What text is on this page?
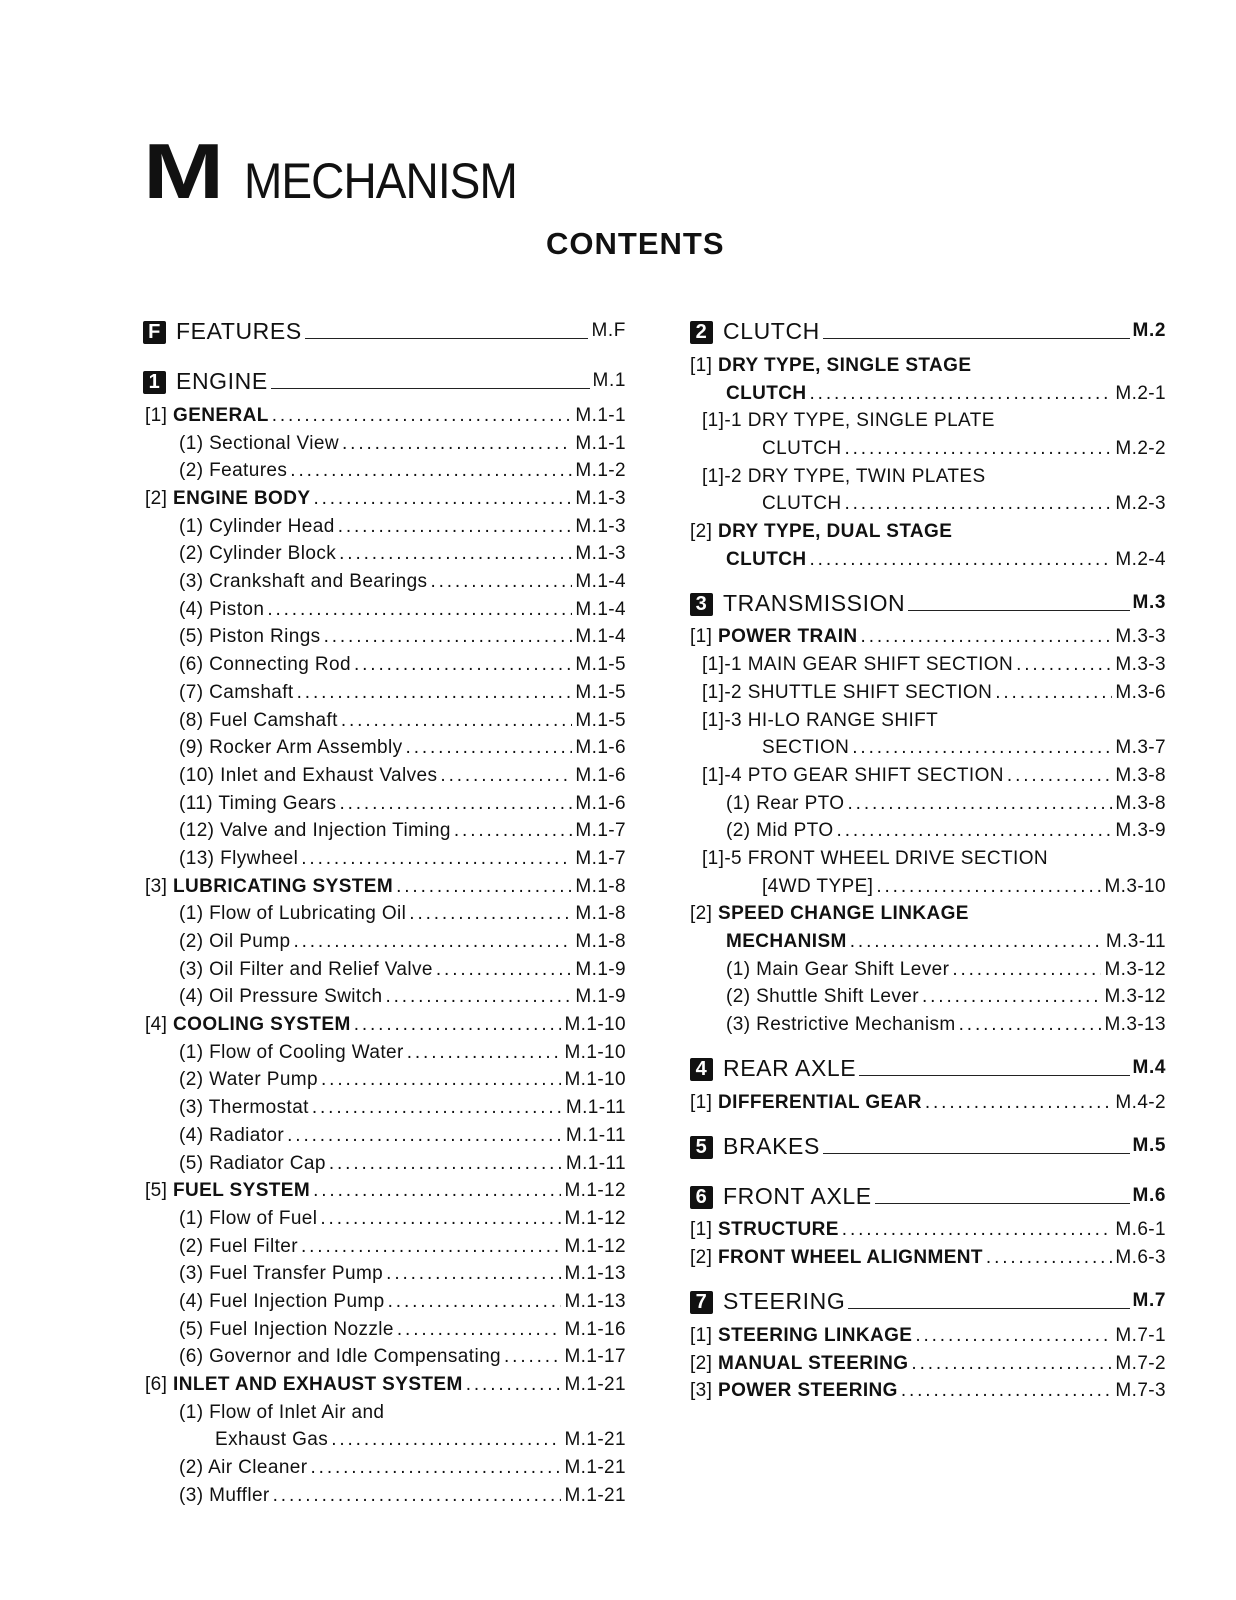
M MECHANISM
CONTENTS
F FEATURES	M.F
1 ENGINE	M.1
[1] GENERAL . . .	M.1-1
(1) Sectional View . . .	M.1-1
(2) Features . . .	M.1-2
[2] ENGINE BODY . . .	M.1-3
(1) Cylinder Head . . .	M.1-3
(2) Cylinder Block . . .	M.1-3
(3) Crankshaft and Bearings . . .	M.1-4
(4) Piston . . .	M.1-4
(5) Piston Rings . . .	M.1-4
(6) Connecting Rod . . .	M.1-5
(7) Camshaft . . .	M.1-5
(8) Fuel Camshaft . . .	M.1-5
(9) Rocker Arm Assembly . . .	M.1-6
(10) Inlet and Exhaust Valves . . .	M.1-6
(11) Timing Gears . . .	M.1-6
(12) Valve and Injection Timing . . .	M.1-7
(13) Flywheel . . .	M.1-7
[3] LUBRICATING SYSTEM . . .	M.1-8
(1) Flow of Lubricating Oil . . .	M.1-8
(2) Oil Pump . . .	M.1-8
(3) Oil Filter and Relief Valve . . .	M.1-9
(4) Oil Pressure Switch . . .	M.1-9
[4] COOLING SYSTEM . . .	M.1-10
(1) Flow of Cooling Water . . .	M.1-10
(2) Water Pump . . .	M.1-10
(3) Thermostat . . .	M.1-11
(4) Radiator . . .	M.1-11
(5) Radiator Cap . . .	M.1-11
[5] FUEL SYSTEM . . .	M.1-12
(1) Flow of Fuel . . .	M.1-12
(2) Fuel Filter . . .	M.1-12
(3) Fuel Transfer Pump . . .	M.1-13
(4) Fuel Injection Pump . . .	M.1-13
(5) Fuel Injection Nozzle . . .	M.1-16
(6) Governor and Idle Compensating . . .	M.1-17
[6] INLET AND EXHAUST SYSTEM . . .	M.1-21
(1) Flow of Inlet Air and
Exhaust Gas . . .	M.1-21
(2) Air Cleaner . . .	M.1-21
(3) Muffler . . .	M.1-21
2 CLUTCH	M.2
[1] DRY TYPE, SINGLE STAGE
CLUTCH . . .	M.2-1
[1]-1 DRY TYPE, SINGLE PLATE
CLUTCH . . .	M.2-2
[1]-2 DRY TYPE, TWIN PLATES
CLUTCH . . .	M.2-3
[2] DRY TYPE, DUAL STAGE
CLUTCH . . .	M.2-4
3 TRANSMISSION	M.3
[1] POWER TRAIN . . .	M.3-3
[1]-1 MAIN GEAR SHIFT SECTION . . .	M.3-3
[1]-2 SHUTTLE SHIFT SECTION . . .	M.3-6
[1]-3 HI-LO RANGE SHIFT
SECTION . . .	M.3-7
[1]-4 PTO GEAR SHIFT SECTION . . .	M.3-8
(1) Rear PTO . . .	M.3-8
(2) Mid PTO . . .	M.3-9
[1]-5 FRONT WHEEL DRIVE SECTION
[4WD TYPE] . . .	M.3-10
[2] SPEED CHANGE LINKAGE
MECHANISM . . .	M.3-11
(1) Main Gear Shift Lever . . .	M.3-12
(2) Shuttle Shift Lever . . .	M.3-12
(3) Restrictive Mechanism . . .	M.3-13
4 REAR AXLE	M.4
[1] DIFFERENTIAL GEAR . . .	M.4-2
5 BRAKES	M.5
6 FRONT AXLE	M.6
[1] STRUCTURE . . .	M.6-1
[2] FRONT WHEEL ALIGNMENT . . .	M.6-3
7 STEERING	M.7
[1] STEERING LINKAGE . . .	M.7-1
[2] MANUAL STEERING . . .	M.7-2
[3] POWER STEERING . . .	M.7-3
